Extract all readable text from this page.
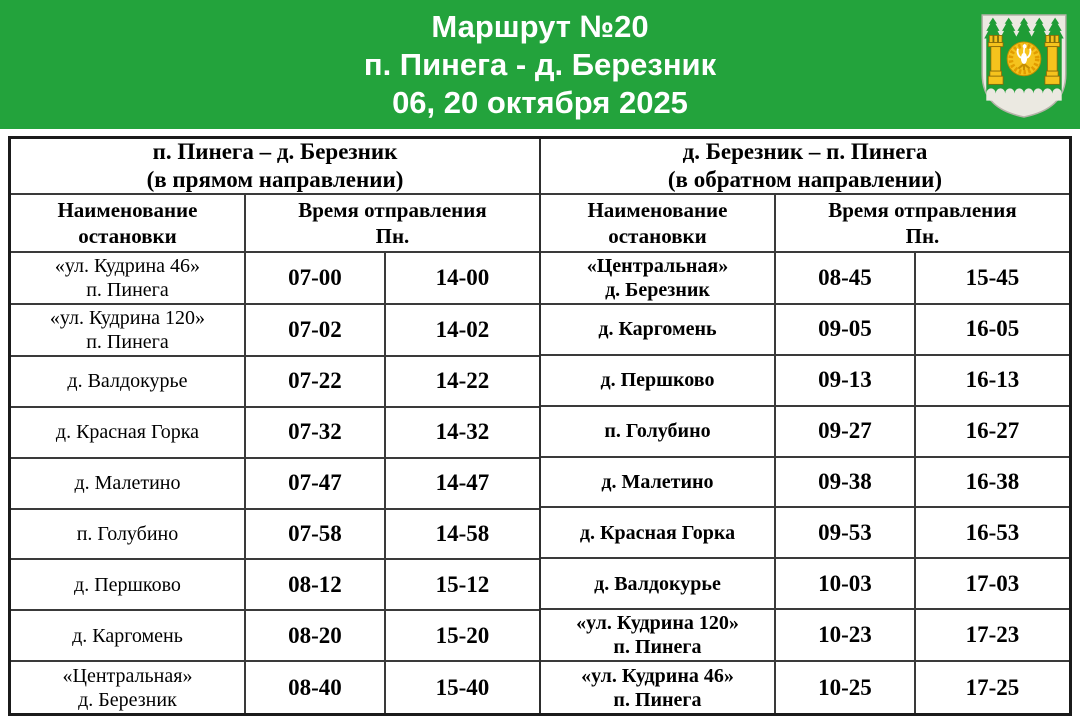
Маршрут №20
п. Пинега - д. Березник
06, 20 октября 2025
п. Пинега – д. Березник
(в прямом направлении)
Наименование остановки
Время отправления
Пн.
«ул. Кудрина 46»
п. Пинега	07-00	14-00
«ул. Кудрина 120»
п. Пинега	07-02	14-02
д. Валдокурье	07-22	14-22
д. Красная Горка	07-32	14-32
д. Малетино	07-47	14-47
п. Голубино	07-58	14-58
д. Першково	08-12	15-12
д. Каргомень	08-20	15-20
«Центральная»
д. Березник	08-40	15-40
д. Березник – п. Пинега
(в обратном направлении)
Наименование остановки
Время отправления
Пн.
«Центральная»
д. Березник	08-45	15-45
д. Каргомень	09-05	16-05
д. Першково	09-13	16-13
п. Голубино	09-27	16-27
д. Малетино	09-38	16-38
д. Красная Горка	09-53	16-53
д. Валдокурье	10-03	17-03
«ул. Кудрина 120»
п. Пинега	10-23	17-23
«ул. Кудрина 46»
п. Пинега	10-25	17-25
